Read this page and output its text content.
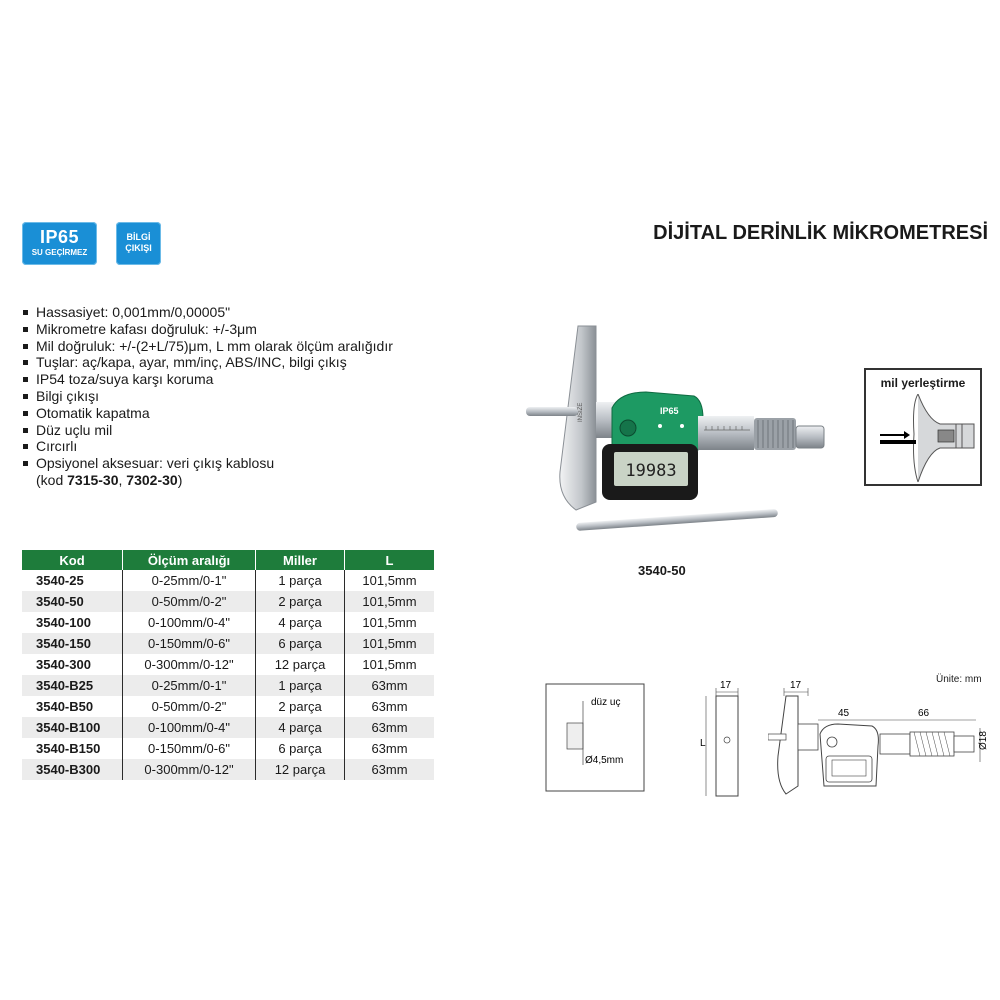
IP65
SU GEÇİRMEZ
BİLGİ
ÇIKIŞI
DİJİTAL DERİNLİK MİKROMETRESİ
Hassasiyet: 0,001mm/0,00005"
Mikrometre kafası doğruluk: +/-3μm
Mil doğruluk: +/-(2+L/75)μm, L mm olarak ölçüm aralığıdır
Tuşlar: aç/kapa, ayar, mm/inç, ABS/INC, bilgi çıkış
IP54 toza/suya karşı koruma
Bilgi çıkışı
Otomatik kapatma
Düz uçlu mil
Cırcırlı
Opsiyonel aksesuar: veri çıkış kablosu
(kod 7315-30, 7302-30)
Kod	Ölçüm aralığı	Miller	L
3540-25	0-25mm/0-1"	1 parça	101,5mm
3540-50	0-50mm/0-2"	2 parça	101,5mm
3540-100	0-100mm/0-4"	4 parça	101,5mm
3540-150	0-150mm/0-6"	6 parça	101,5mm
3540-300	0-300mm/0-12"	12 parça	101,5mm
3540-B25	0-25mm/0-1"	1 parça	63mm
3540-B50	0-50mm/0-2"	2 parça	63mm
3540-B100	0-100mm/0-4"	4 parça	63mm
3540-B150	0-150mm/0-6"	6 parça	63mm
3540-B300	0-300mm/0-12"	12 parça	63mm
INSIZE	IP65
19983
3540-50
mil yerleştirme
Ünite: mm
düz uç
Ø4,5mm
17
L
17
45	66
Ø18
